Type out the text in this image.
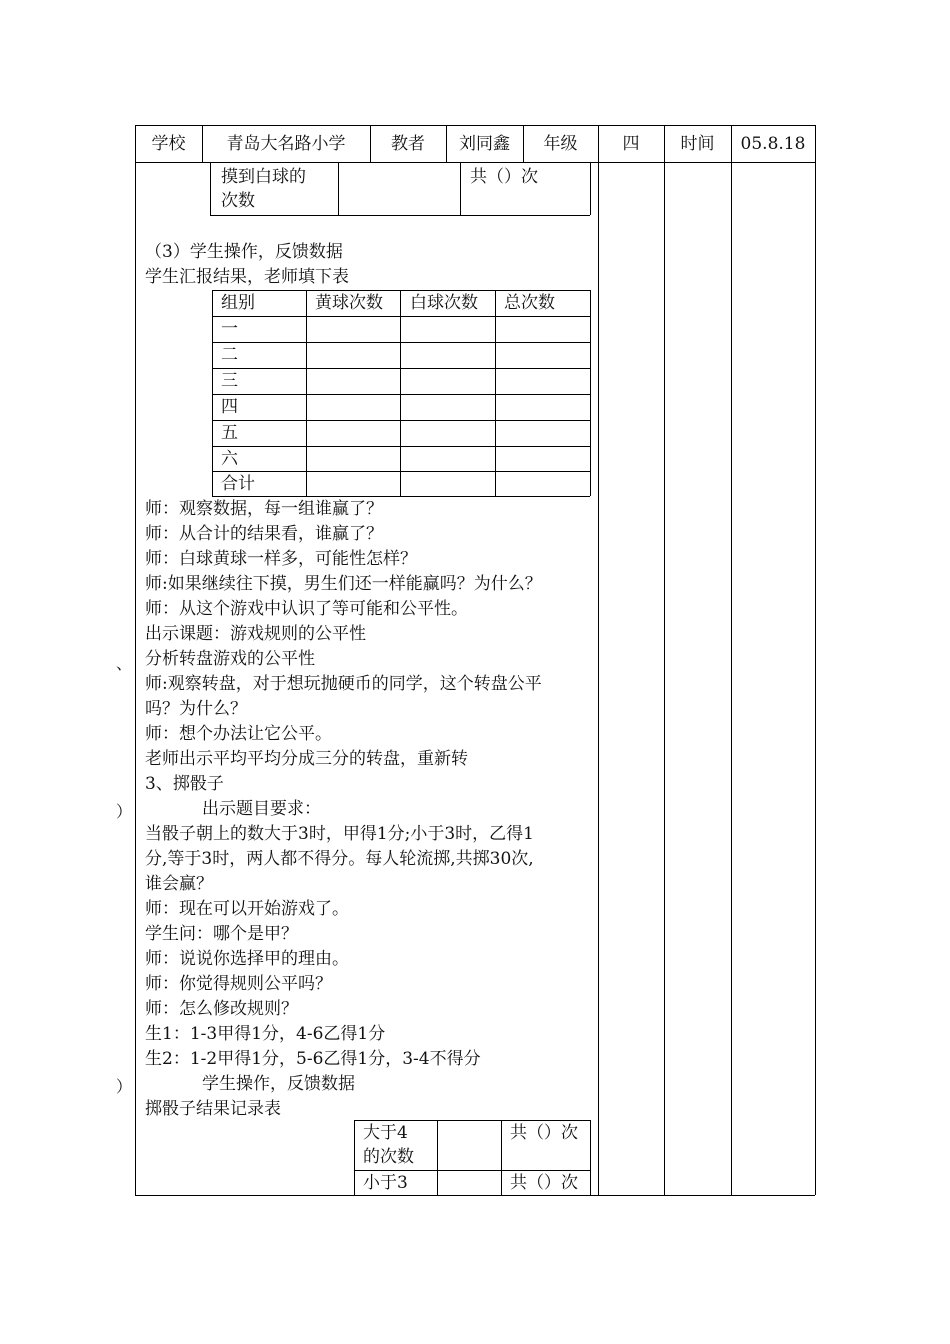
学校	青岛大名路小学	教者	刘同鑫	年级	四	时间	05.8.18
摸到白球的
次数
共（）次
（3）学生操作，反馈数据
学生汇报结果，老师填下表
组别	黄球次数 白球次数 总次数
一
二
三
四
五
六
合计
师：观察数据，每一组谁赢了？
师：从合计的结果看，谁赢了？
师：白球黄球一样多，可能性怎样？
师:如果继续往下摸，男生们还一样能赢吗？为什么？
师：从这个游戏中认识了等可能和公平性。
出示课题：游戏规则的公平性
分析转盘游戏的公平性
师:观察转盘，对于想玩抛硬币的同学，这个转盘公平
吗？为什么？
师：想个办法让它公平。
老师出示平均平均分成三分的转盘，重新转
3、掷骰子
出示题目要求：
当骰子朝上的数大于3时，甲得1分;小于3时，乙得1
分,等于3时，两人都不得分。每人轮流掷,共掷30次,
谁会赢？
师：现在可以开始游戏了。
学生问：哪个是甲？
师：说说你选择甲的理由。
师：你觉得规则公平吗？
师：怎么修改规则？
生1：1-3甲得1分，4-6乙得1分
生2：1-2甲得1分，5-6乙得1分，3-4不得分
学生操作，反馈数据
掷骰子结果记录表
、
）
）
大于4
的次数
共（）次
小于3	共（）次
